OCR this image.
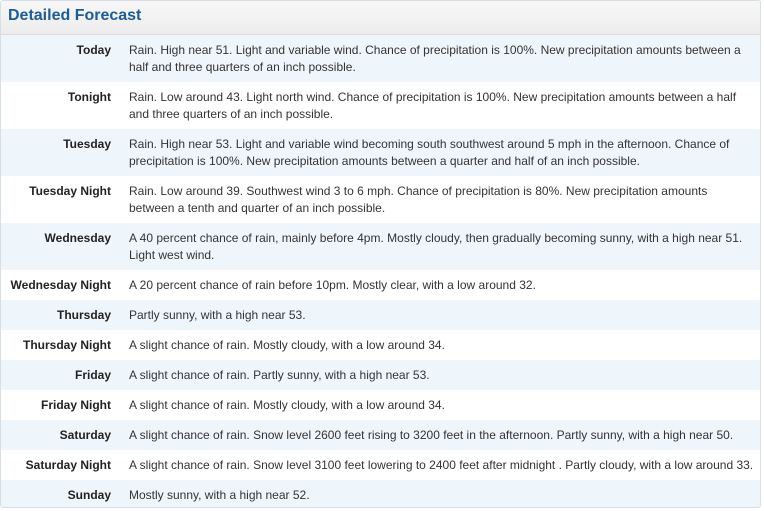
Detailed Forecast
Today Rain. High near 51. Light and variable wind. Chance of precipitation is 100%. New precipitation amounts between a half and three quarters of an inch possible.
Tonight Rain. Low around 43. Light north wind. Chance of precipitation is 100%. New precipitation amounts between a half and three quarters of an inch possible.
Tuesday Rain. High near 53. Light and variable wind becoming south southwest around 5 mph in the afternoon. Chance of precipitation is 100%. New precipitation amounts between a quarter and half of an inch possible.
Tuesday Night Rain. Low around 39. Southwest wind 3 to 6 mph. Chance of precipitation is 80%. New precipitation amounts between a tenth and quarter of an inch possible.
Wednesday A 40 percent chance of rain, mainly before 4pm. Mostly cloudy, then gradually becoming sunny, with a high near 51. Light west wind.
Wednesday Night A 20 percent chance of rain before 10pm. Mostly clear, with a low around 32.
Thursday Partly sunny, with a high near 53.
Thursday Night A slight chance of rain. Mostly cloudy, with a low around 34.
Friday A slight chance of rain. Partly sunny, with a high near 53.
Friday Night A slight chance of rain. Mostly cloudy, with a low around 34.
Saturday A slight chance of rain. Snow level 2600 feet rising to 3200 feet in the afternoon. Partly sunny, with a high near 50.
Saturday Night A slight chance of rain. Snow level 3100 feet lowering to 2400 feet after midnight . Partly cloudy, with a low around 33.
Sunday Mostly sunny, with a high near 52.
